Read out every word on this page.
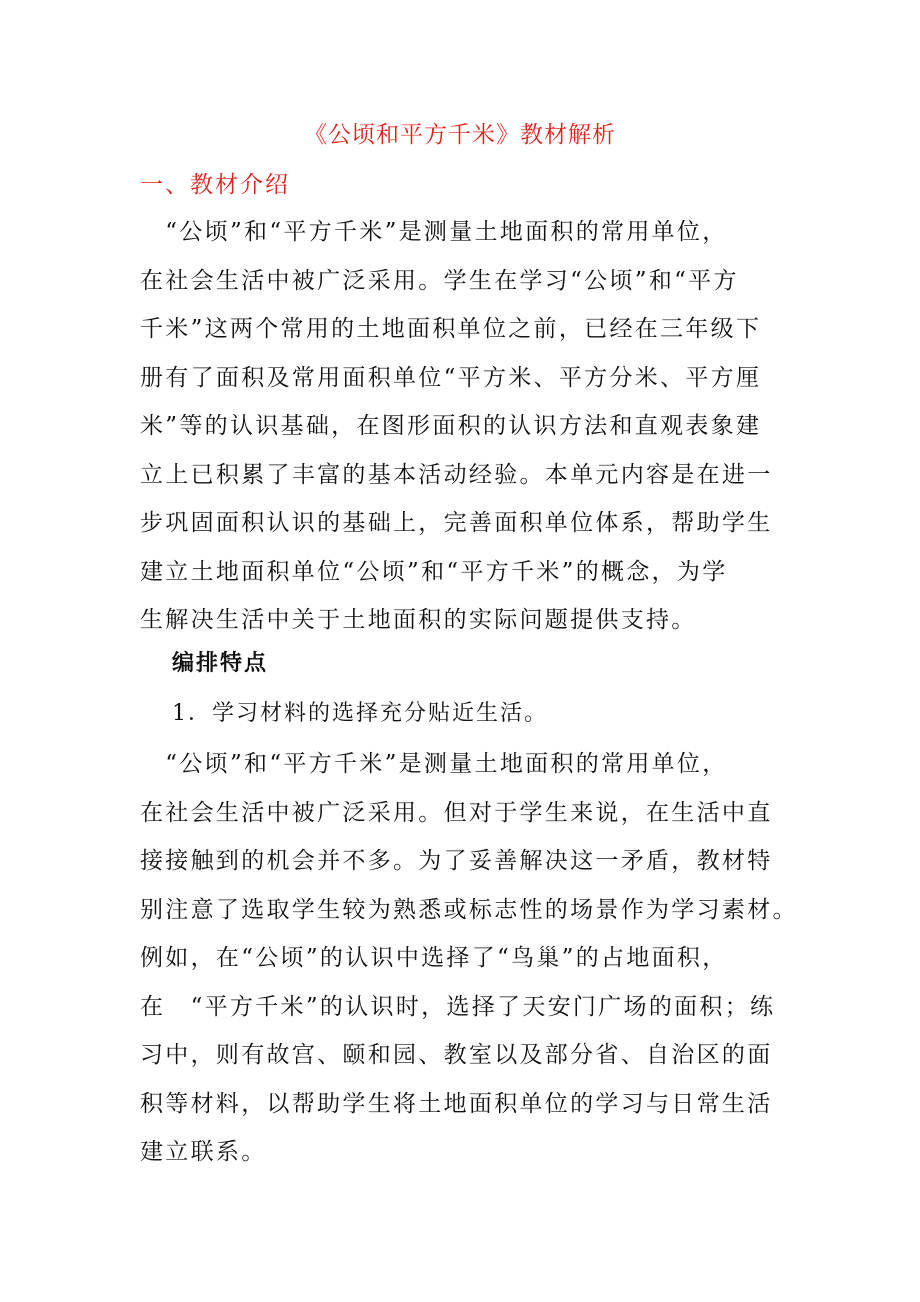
《公顷和平方千米》教材解析
一、教材介绍
　“公顷”和“平方千米”是测量土地面积的常用单位，
在社会生活中被广泛采用。学生在学习“公顷”和“平方
千米”这两个常用的土地面积单位之前，已经在三年级下
册有了面积及常用面积单位“平方米、平方分米、平方厘
米”等的认识基础，在图形面积的认识方法和直观表象建
立上已积累了丰富的基本活动经验。本单元内容是在进一
步巩固面积认识的基础上，完善面积单位体系，帮助学生
建立土地面积单位“公顷”和“平方千米”的概念，为学
生解决生活中关于土地面积的实际问题提供支持。
编排特点
1．学习材料的选择充分贴近生活。
　“公顷”和“平方千米”是测量土地面积的常用单位，
在社会生活中被广泛采用。但对于学生来说，在生活中直
接接触到的机会并不多。为了妥善解决这一矛盾，教材特
别注意了选取学生较为熟悉或标志性的场景作为学习素材。
例如，在“公顷”的认识中选择了“鸟巢”的占地面积，
在　“平方千米”的认识时，选择了天安门广场的面积；练
习中，则有故宫、颐和园、教室以及部分省、自治区的面
积等材料，以帮助学生将土地面积单位的学习与日常生活
建立联系。
